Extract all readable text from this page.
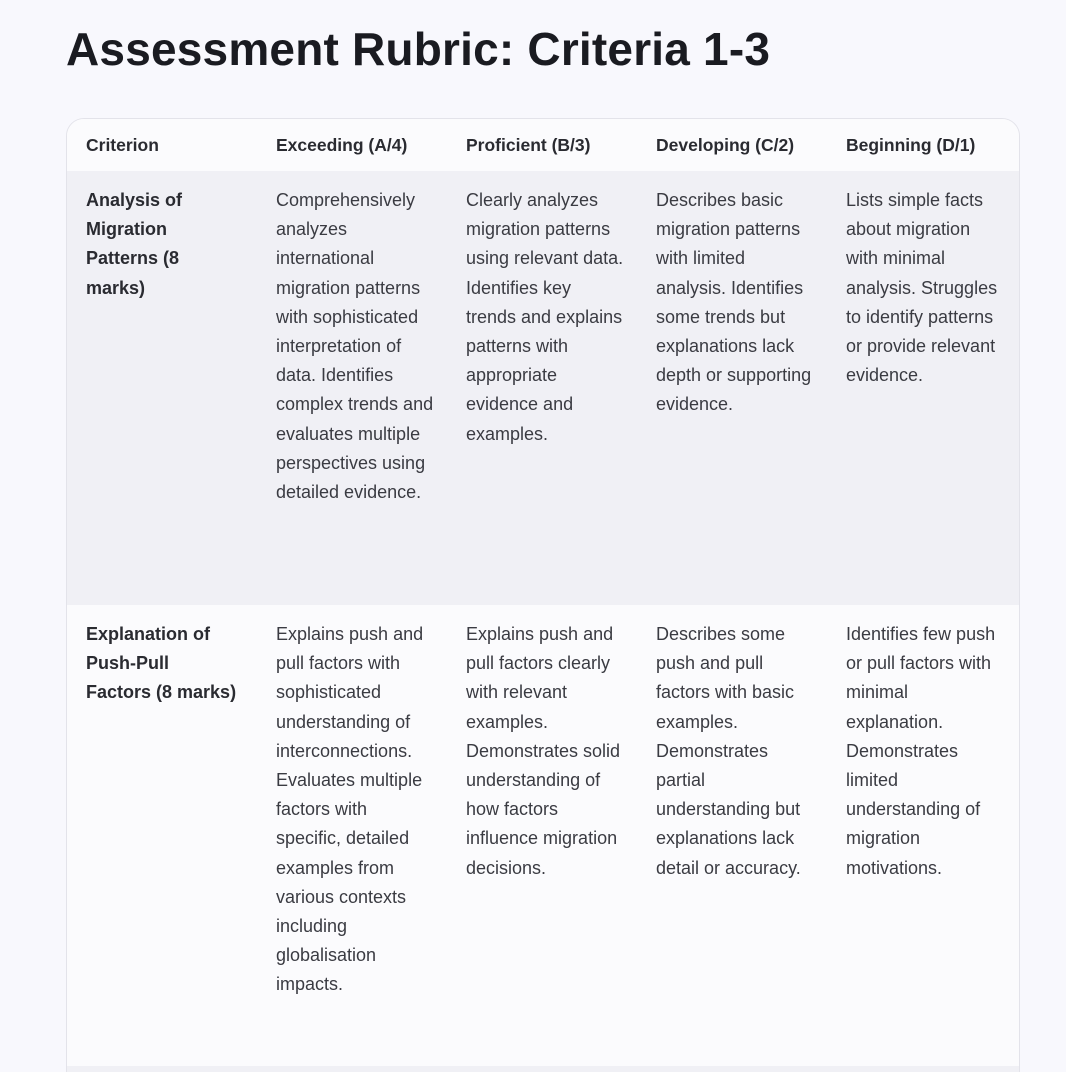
Assessment Rubric: Criteria 1-3
Criterion	Exceeding (A/4)	Proficient (B/3)	Developing (C/2)	Beginning (D/1)
Analysis of Migration Patterns (8 marks)	Comprehensively analyzes international migration patterns with sophisticated interpretation of data. Identifies complex trends and evaluates multiple perspectives using detailed evidence.	Clearly analyzes migration patterns using relevant data. Identifies key trends and explains patterns with appropriate evidence and examples.	Describes basic migration patterns with limited analysis. Identifies some trends but explanations lack depth or supporting evidence.	Lists simple facts about migration with minimal analysis. Struggles to identify patterns or provide relevant evidence.
Explanation of Push-Pull Factors (8 marks)	Explains push and pull factors with sophisticated understanding of interconnections. Evaluates multiple factors with specific, detailed examples from various contexts including globalisation impacts.	Explains push and pull factors clearly with relevant examples. Demonstrates solid understanding of how factors influence migration decisions.	Describes some push and pull factors with basic examples. Demonstrates partial understanding but explanations lack detail or accuracy.	Identifies few push or pull factors with minimal explanation. Demonstrates limited understanding of migration motivations.
